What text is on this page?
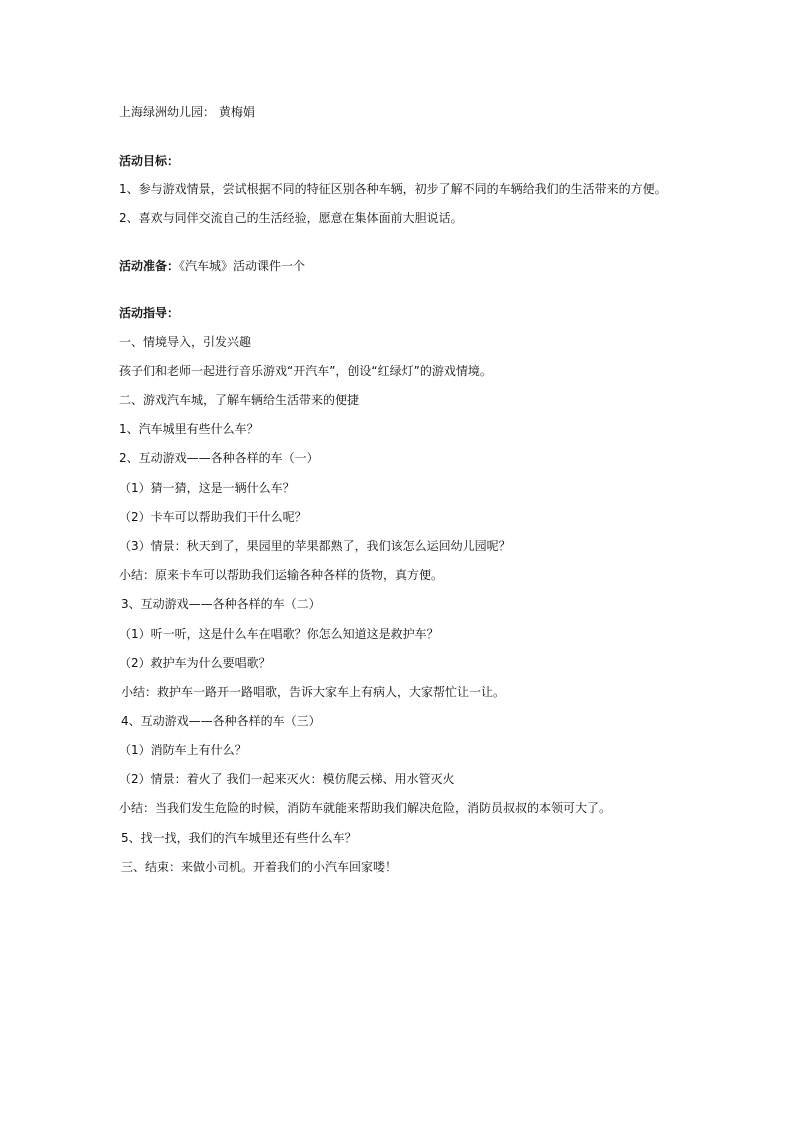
上海绿洲幼儿园： 黄梅娟
活动目标：
1、参与游戏情景，尝试根据不同的特征区别各种车辆，初步了解不同的车辆给我们的生活带来的方便。
2、喜欢与同伴交流自己的生活经验，愿意在集体面前大胆说话。
活动准备：《汽车城》活动课件一个
活动指导：
一、情境导入，引发兴趣
孩子们和老师一起进行音乐游戏“开汽车”，创设“红绿灯”的游戏情境。
二、游戏汽车城，了解车辆给生活带来的便捷
1、汽车城里有些什么车？
2、互动游戏——各种各样的车（一）
（1）猜一猜，这是一辆什么车？
（2）卡车可以帮助我们干什么呢？
（3）情景：秋天到了，果园里的苹果都熟了，我们该怎么运回幼儿园呢？
小结：原来卡车可以帮助我们运输各种各样的货物，真方便。
3、互动游戏——各种各样的车（二）
（1）听一听，这是什么车在唱歌？你怎么知道这是救护车？
（2）救护车为什么要唱歌？
小结：救护车一路开一路唱歌，告诉大家车上有病人，大家帮忙让一让。
4、互动游戏——各种各样的车（三）
（1）消防车上有什么？
（2）情景：着火了 我们一起来灭火：模仿爬云梯、用水管灭火
小结：当我们发生危险的时候，消防车就能来帮助我们解决危险，消防员叔叔的本领可大了。
5、找一找，我们的汽车城里还有些什么车？
三、结束：来做小司机。开着我们的小汽车回家喽！
